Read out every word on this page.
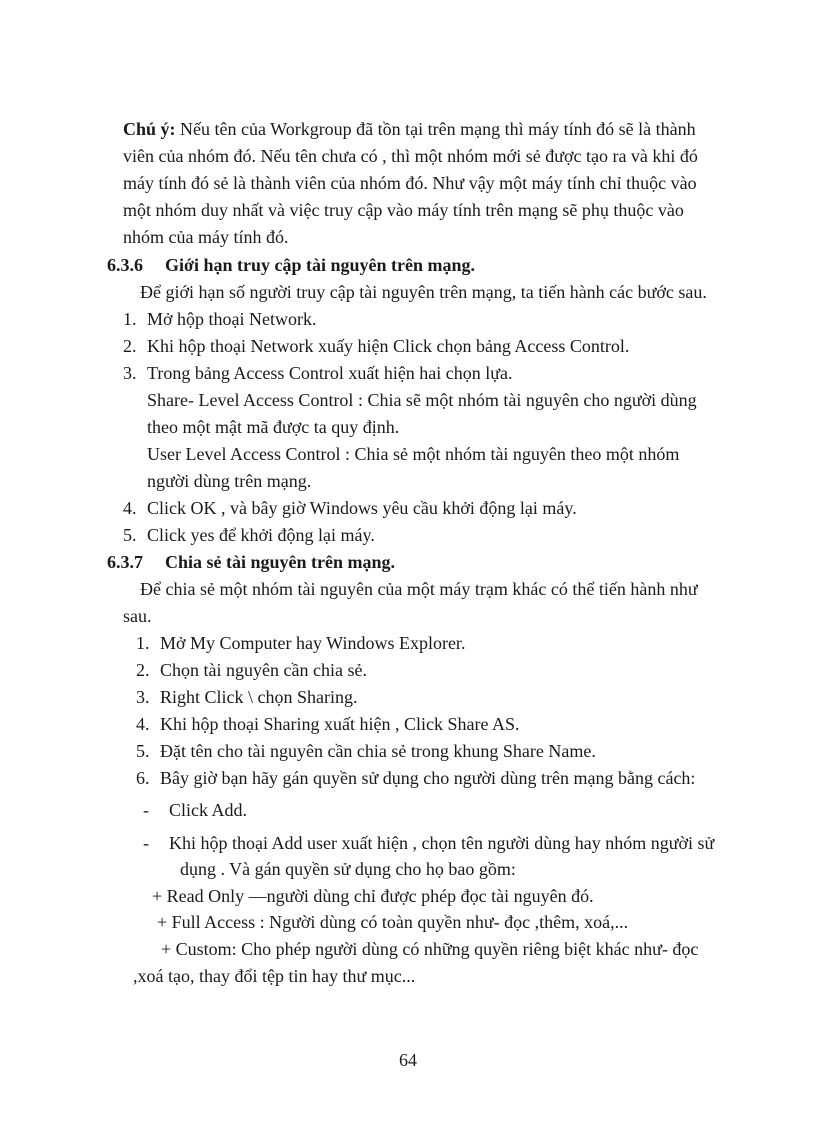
Chú ý: Nếu tên của Workgroup đã tồn tại trên mạng thì máy tính đó sẽ là thành
viên của nhóm đó. Nếu tên chưa có , thì một nhóm mới sẻ được tạo ra và khi đó
máy tính đó sẻ là thành viên của nhóm đó. Như vậy một máy tính chỉ thuộc vào
một nhóm duy nhất và việc truy cập vào máy tính trên mạng sẽ phụ thuộc vào
nhóm của máy tính đó.
6.3.6 Giới hạn truy cập tài nguyên trên mạng.
Để giới hạn số người truy cập tài nguyên trên mạng, ta tiến hành các bước sau.
1. Mở hộp thoại Network.
2. Khi hộp thoại Network xuấy hiện Click chọn bảng Access Control.
3. Trong bảng Access Control xuất hiện hai chọn lựa.
Share- Level Access Control : Chia sẽ một nhóm tài nguyên cho người dùng
theo một mật mã được ta quy định.
User Level Access Control : Chia sẻ một nhóm tài nguyên theo một nhóm
người dùng trên mạng.
4. Click OK , và bây giờ Windows yêu cầu khởi động lại máy.
5. Click yes để khởi động lại máy.
6.3.7 Chia sẻ tài nguyên trên mạng.
Để chia sẻ một nhóm tài nguyên của một máy trạm khác có thể tiến hành như
sau.
1. Mở My Computer hay Windows Explorer.
2. Chọn tài nguyên cần chia sẻ.
3. Right Click \ chọn Sharing.
4. Khi hộp thoại Sharing xuất hiện , Click Share AS.
5. Đặt tên cho tài nguyên cần chia sẻ trong khung Share Name.
6. Bây giờ bạn hãy gán quyền sử dụng cho người dùng trên mạng bằng cách:
- Click Add.
- Khi hộp thoại Add user xuất hiện , chọn tên người dùng hay nhóm người sử
dụng . Và gán quyền sử dụng cho họ bao gồm:
+ Read Only —người dùng chỉ được phép đọc tài nguyên đó.
+ Full Access : Người dùng có toàn quyền như- đọc ,thêm, xoá,...
+ Custom: Cho phép người dùng có những quyền riêng biệt khác như- đọc
,xoá tạo, thay đổi tệp tin hay thư mục...
64
